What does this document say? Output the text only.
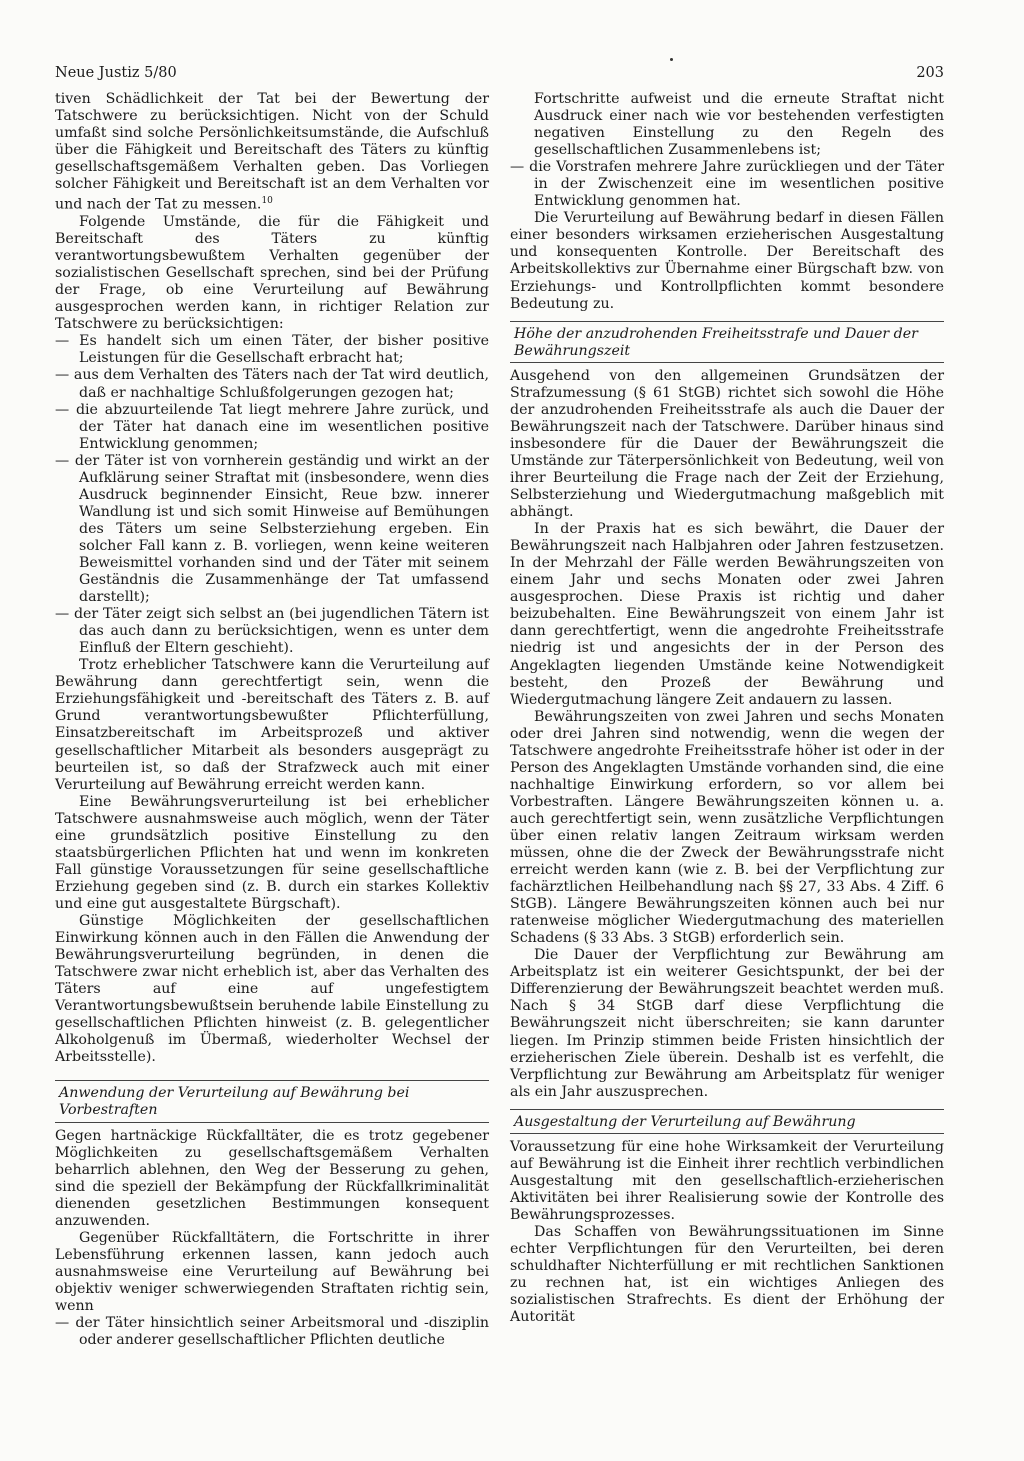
Neue Justiz 5/80	203

tiven Schädlichkeit der Tat bei der Bewertung der Tatschwere zu berücksichtigen. Nicht von der Schuld umfaßt sind solche Persönlichkeitsumstände, die Aufschluß über die Fähigkeit und Bereitschaft des Täters zu künftig gesellschaftsgemäßem Verhalten geben. Das Vorliegen solcher Fähigkeit und Bereitschaft ist an dem Verhalten vor und nach der Tat zu messen.$^{10}$

Folgende Umstände, die für die Fähigkeit und Bereitschaft des Täters zu künftig verantwortungsbewußtem Verhalten gegenüber der sozialistischen Gesellschaft sprechen, sind bei der Prüfung der Frage, ob eine Verurteilung auf Bewährung ausgesprochen werden kann, in richtiger Relation zur Tatschwere zu berücksichtigen:

— Es handelt sich um einen Täter, der bisher positive Leistungen für die Gesellschaft erbracht hat;

— aus dem Verhalten des Täters nach der Tat wird deutlich, daß er nachhaltige Schlußfolgerungen gezogen hat;

— die abzuurteilende Tat liegt mehrere Jahre zurück, und der Täter hat danach eine im wesentlichen positive Entwicklung genommen;

— der Täter ist von vornherein geständig und wirkt an der Aufklärung seiner Straftat mit (insbesondere, wenn dies Ausdruck beginnender Einsicht, Reue bzw. innerer Wandlung ist und sich somit Hinweise auf Bemühungen des Täters um seine Selbsterziehung ergeben. Ein solcher Fall kann z. B. vorliegen, wenn keine weiteren Beweismittel vorhanden sind und der Täter mit seinem Geständnis die Zusammenhänge der Tat umfassend darstellt);

— der Täter zeigt sich selbst an (bei jugendlichen Tätern ist das auch dann zu berücksichtigen, wenn es unter dem Einfluß der Eltern geschieht).

Trotz erheblicher Tatschwere kann die Verurteilung auf Bewährung dann gerechtfertigt sein, wenn die Erziehungsfähigkeit und -bereitschaft des Täters z. B. auf Grund verantwortungsbewußter Pflichterfüllung, Einsatzbereitschaft im Arbeitsprozeß und aktiver gesellschaftlicher Mitarbeit als besonders ausgeprägt zu beurteilen ist, so daß der Strafzweck auch mit einer Verurteilung auf Bewährung erreicht werden kann.

Eine Bewährungsverurteilung ist bei erheblicher Tatschwere ausnahmsweise auch möglich, wenn der Täter eine grundsätzlich positive Einstellung zu den staatsbürgerlichen Pflichten hat und wenn im konkreten Fall günstige Voraussetzungen für seine gesellschaftliche Erziehung gegeben sind (z. B. durch ein starkes Kollektiv und eine gut ausgestaltete Bürgschaft).

Günstige Möglichkeiten der gesellschaftlichen Einwirkung können auch in den Fällen die Anwendung der Bewährungsverurteilung begründen, in denen die Tatschwere zwar nicht erheblich ist, aber das Verhalten des Täters auf eine auf ungefestigtem Verantwortungsbewußtsein beruhende labile Einstellung zu gesellschaftlichen Pflichten hinweist (z. B. gelegentlicher Alkoholgenuß im Übermaß, wiederholter Wechsel der Arbeitsstelle).

Anwendung der Verurteilung auf Bewährung bei Vorbestraften

Gegen hartnäckige Rückfalltäter, die es trotz gegebener Möglichkeiten zu gesellschaftsgemäßem Verhalten beharrlich ablehnen, den Weg der Besserung zu gehen, sind die speziell der Bekämpfung der Rückfallkriminalität dienenden gesetzlichen Bestimmungen konsequent anzuwenden.

Gegenüber Rückfalltätern, die Fortschritte in ihrer Lebensführung erkennen lassen, kann jedoch auch ausnahmsweise eine Verurteilung auf Bewährung bei objektiv weniger schwerwiegenden Straftaten richtig sein, wenn

— der Täter hinsichtlich seiner Arbeitsmoral und -disziplin oder anderer gesellschaftlicher Pflichten deutliche

Fortschritte aufweist und die erneute Straftat nicht Ausdruck einer nach wie vor bestehenden verfestigten negativen Einstellung zu den Regeln des gesellschaftlichen Zusammenlebens ist;

— die Vorstrafen mehrere Jahre zurückliegen und der Täter in der Zwischenzeit eine im wesentlichen positive Entwicklung genommen hat.

Die Verurteilung auf Bewährung bedarf in diesen Fällen einer besonders wirksamen erzieherischen Ausgestaltung und konsequenten Kontrolle. Der Bereitschaft des Arbeitskollektivs zur Übernahme einer Bürgschaft bzw. von Erziehungs- und Kontrollpflichten kommt besondere Bedeutung zu.

Höhe der anzudrohenden Freiheitsstrafe und Dauer der Bewährungszeit

Ausgehend von den allgemeinen Grundsätzen der Strafzumessung (§ 61 StGB) richtet sich sowohl die Höhe der anzudrohenden Freiheitsstrafe als auch die Dauer der Bewährungszeit nach der Tatschwere. Darüber hinaus sind insbesondere für die Dauer der Bewährungszeit die Umstände zur Täterpersönlichkeit von Bedeutung, weil von ihrer Beurteilung die Frage nach der Zeit der Erziehung, Selbsterziehung und Wiedergutmachung maßgeblich mit abhängt.

In der Praxis hat es sich bewährt, die Dauer der Bewährungszeit nach Halbjahren oder Jahren festzusetzen. In der Mehrzahl der Fälle werden Bewährungszeiten von einem Jahr und sechs Monaten oder zwei Jahren ausgesprochen. Diese Praxis ist richtig und daher beizubehalten. Eine Bewährungszeit von einem Jahr ist dann gerechtfertigt, wenn die angedrohte Freiheitsstrafe niedrig ist und angesichts der in der Person des Angeklagten liegenden Umstände keine Notwendigkeit besteht, den Prozeß der Bewährung und Wiedergutmachung längere Zeit andauern zu lassen.

Bewährungszeiten von zwei Jahren und sechs Monaten oder drei Jahren sind notwendig, wenn die wegen der Tatschwere angedrohte Freiheitsstrafe höher ist oder in der Person des Angeklagten Umstände vorhanden sind, die eine nachhaltige Einwirkung erfordern, so vor allem bei Vorbestraften. Längere Bewährungszeiten können u. a. auch gerechtfertigt sein, wenn zusätzliche Verpflichtungen über einen relativ langen Zeitraum wirksam werden müssen, ohne die der Zweck der Bewährungsstrafe nicht erreicht werden kann (wie z. B. bei der Verpflichtung zur fachärztlichen Heilbehandlung nach §§ 27, 33 Abs. 4 Ziff. 6 StGB). Längere Bewährungszeiten können auch bei nur ratenweise möglicher Wiedergutmachung des materiellen Schadens (§ 33 Abs. 3 StGB) erforderlich sein.

Die Dauer der Verpflichtung zur Bewährung am Arbeitsplatz ist ein weiterer Gesichtspunkt, der bei der Differenzierung der Bewährungszeit beachtet werden muß. Nach § 34 StGB darf diese Verpflichtung die Bewährungszeit nicht überschreiten; sie kann darunter liegen. Im Prinzip stimmen beide Fristen hinsichtlich der erzieherischen Ziele überein. Deshalb ist es verfehlt, die Verpflichtung zur Bewährung am Arbeitsplatz für weniger als ein Jahr auszusprechen.

Ausgestaltung der Verurteilung auf Bewährung

Voraussetzung für eine hohe Wirksamkeit der Verurteilung auf Bewährung ist die Einheit ihrer rechtlich verbindlichen Ausgestaltung mit den gesellschaftlich-erzieherischen Aktivitäten bei ihrer Realisierung sowie der Kontrolle des Bewährungsprozesses.

Das Schaffen von Bewährungssituationen im Sinne echter Verpflichtungen für den Verurteilten, bei deren schuldhafter Nichterfüllung er mit rechtlichen Sanktionen zu rechnen hat, ist ein wichtiges Anliegen des sozialistischen Strafrechts. Es dient der Erhöhung der Autorität
